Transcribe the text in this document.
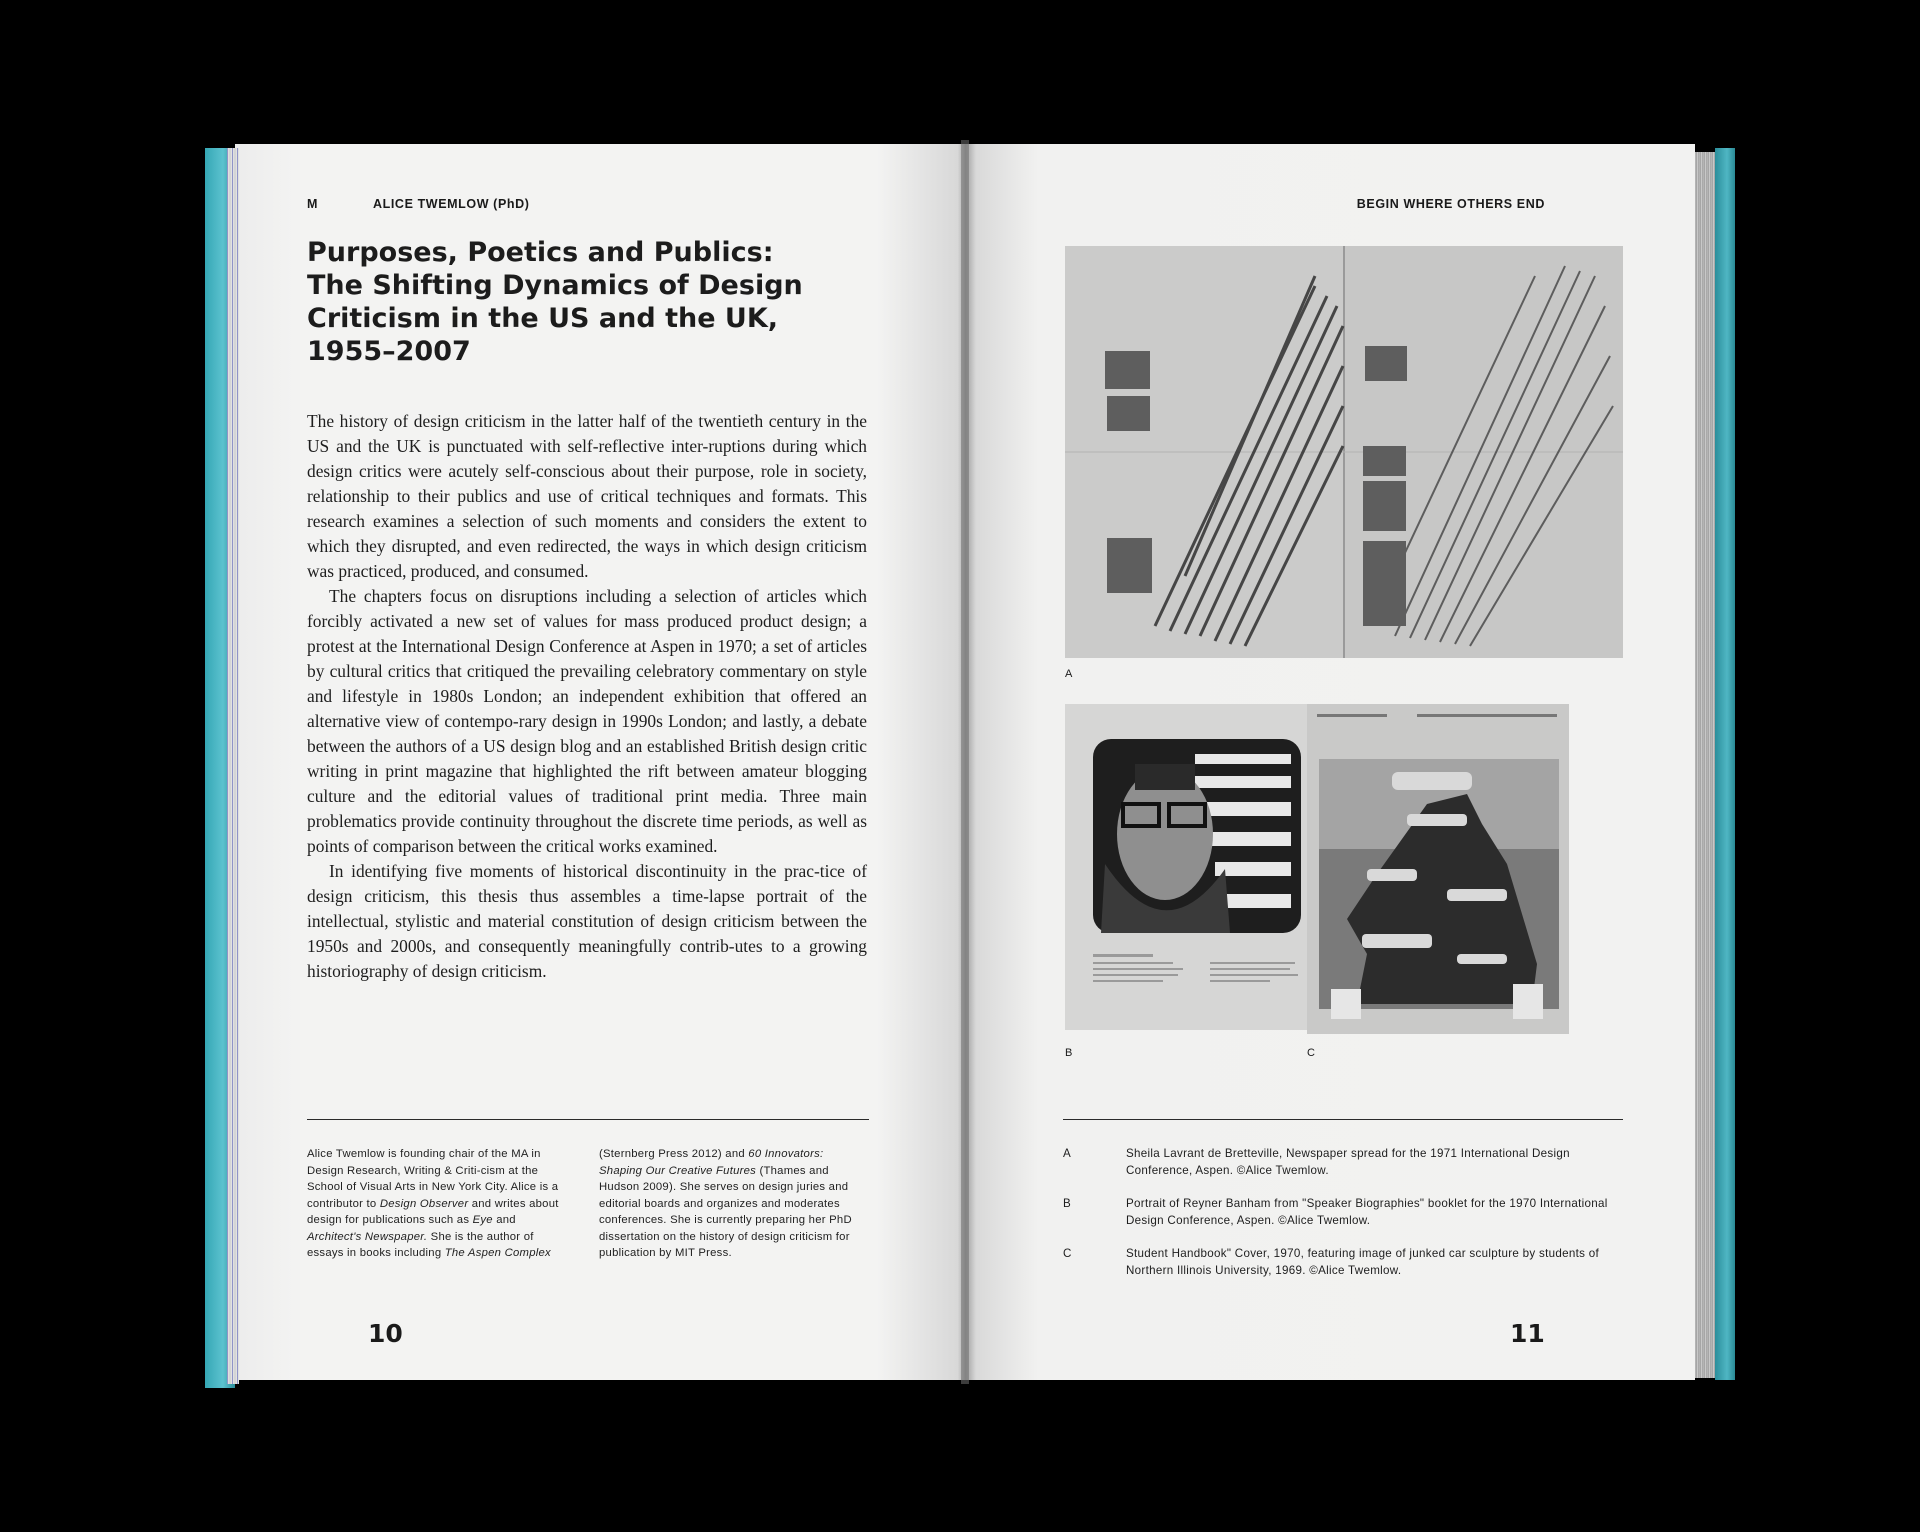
M	ALICE TWEMLOW (PhD)
Purposes, Poetics and Publics: The Shifting Dynamics of Design Criticism in the US and the UK, 1955–2007

The history of design criticism in the latter half of the twentieth century in the US and the UK is punctuated with self-reflective inter-ruptions during which design critics were acutely self-conscious about their purpose, role in society, relationship to their publics and use of critical techniques and formats. This research examines a selection of such moments and considers the extent to which they disrupted, and even redirected, the ways in which design criticism was practiced, produced, and consumed.

The chapters focus on disruptions including a selection of articles which forcibly activated a new set of values for mass produced product design; a protest at the International Design Conference at Aspen in 1970; a set of articles by cultural critics that critiqued the prevailing celebratory commentary on style and lifestyle in 1980s London; an independent exhibition that offered an alternative view of contempo-rary design in 1990s London; and lastly, a debate between the authors of a US design blog and an established British design critic writing in print magazine that highlighted the rift between amateur blogging culture and the editorial values of traditional print media. Three main problematics provide continuity throughout the discrete time periods, as well as points of comparison between the critical works examined.

In identifying five moments of historical discontinuity in the prac-tice of design criticism, this thesis thus assembles a time-lapse portrait of the intellectual, stylistic and material constitution of design criticism between the 1950s and 2000s, and consequently meaningfully contrib-utes to a growing historiography of design criticism.

Alice Twemlow is founding chair of the MA in Design Research, Writing & Criti-cism at the School of Visual Arts in New York City. Alice is a contributor to Design Observer and writes about design for publications such as Eye and Architect's Newspaper. She is the author of essays in books including The Aspen Complex
(Sternberg Press 2012) and 60 Innovators: Shaping Our Creative Futures (Thames and Hudson 2009). She serves on design juries and editorial boards and organizes and moderates conferences. She is currently preparing her PhD dissertation on the history of design criticism for publication by MIT Press.
10
BEGIN WHERE OTHERS END
A
B	C
A	Sheila Lavrant de Bretteville, Newspaper spread for the 1971 International Design Conference, Aspen. ©Alice Twemlow.
B	Portrait of Reyner Banham from "Speaker Biographies" booklet for the 1970 International Design Conference, Aspen. ©Alice Twemlow.
C	Student Handbook" Cover, 1970, featuring image of junked car sculpture by students of Northern Illinois University, 1969. ©Alice Twemlow.
11
